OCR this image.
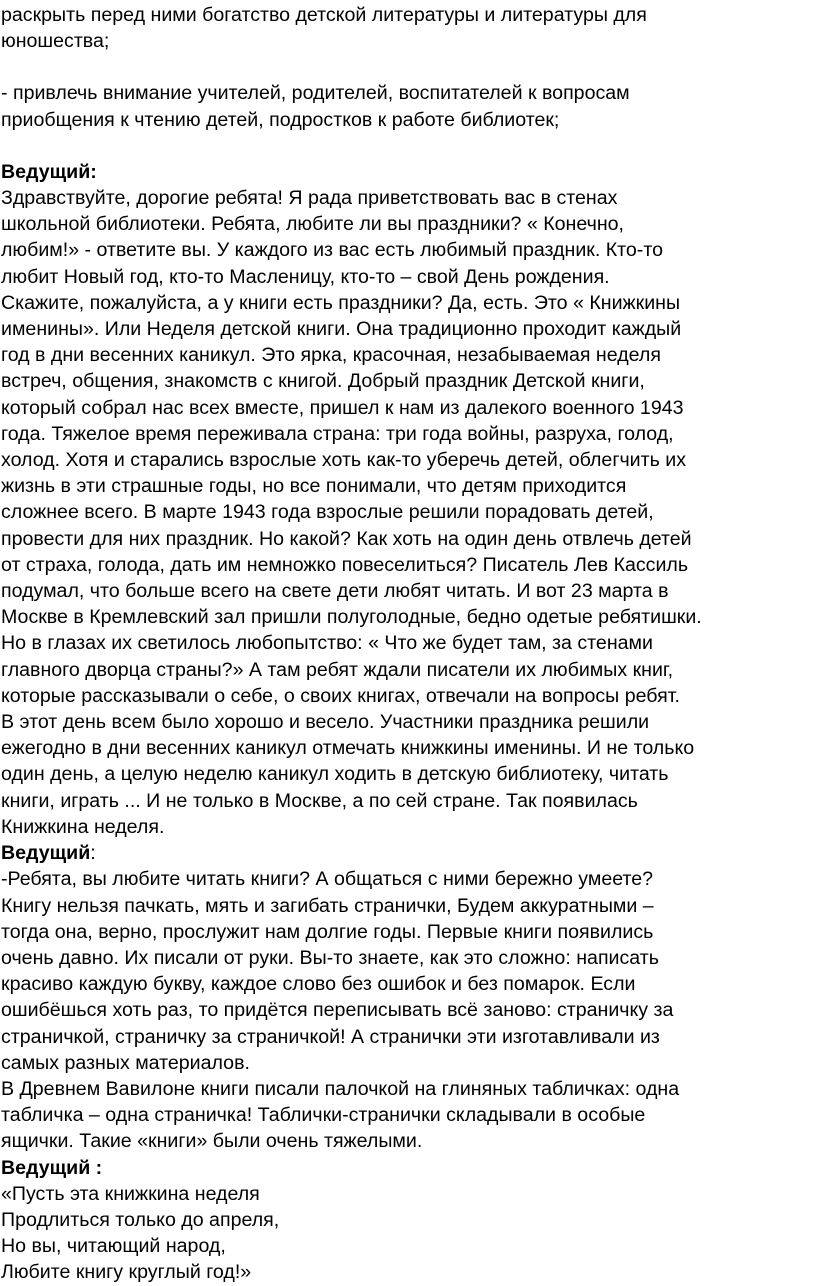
раскрыть перед ними богатство детской литературы и литературы для
юношества;

- привлечь внимание учителей, родителей, воспитателей к вопросам
приобщения к чтению детей, подростков к работе библиотек;

Ведущий:

Здравствуйте, дорогие ребята! Я рада приветствовать вас в стенах
школьной библиотеки. Ребята, любите ли вы праздники? « Конечно,
любим!» - ответите вы. У каждого из вас есть любимый праздник. Кто-то
любит Новый год, кто-то Масленицу, кто-то – свой День рождения.
Скажите, пожалуйста, а у книги есть праздники? Да, есть. Это « Книжкины
именины». Или Неделя детской книги. Она традиционно проходит каждый
год в дни весенних каникул. Это ярка, красочная, незабываемая неделя
встреч, общения, знакомств с книгой. Добрый праздник Детской книги,
который собрал нас всех вместе, пришел к нам из далекого военного 1943
года. Тяжелое время переживала страна: три года войны, разруха, голод,
холод. Хотя и старались взрослые хоть как-то уберечь детей, облегчить их
жизнь в эти страшные годы, но все понимали, что детям приходится
сложнее всего. В марте 1943 года взрослые решили порадовать детей,
провести для них праздник. Но какой? Как хоть на один день отвлечь детей
от страха, голода, дать им немножко повеселиться? Писатель Лев Кассиль
подумал, что больше всего на свете дети любят читать. И вот 23 марта в
Москве в Кремлевский зал пришли полуголодные, бедно одетые ребятишки.
Но в глазах их светилось любопытство: « Что же будет там, за стенами
главного дворца страны?» А там ребят ждали писатели их любимых книг,
которые рассказывали о себе, о своих книгах, отвечали на вопросы ребят.
В этот день всем было хорошо и весело. Участники праздника решили
ежегодно в дни весенних каникул отмечать книжкины именины. И не только
один день, а целую неделю каникул ходить в детскую библиотеку, читать
книги, играть ... И не только в Москве, а по сей стране. Так появилась
Книжкина неделя.

Ведущий:

-Ребята, вы любите читать книги? А общаться с ними бережно умеете?
Книгу нельзя пачкать, мять и загибать странички, Будем аккуратными –
тогда она, верно, прослужит нам долгие годы. Первые книги появились
очень давно. Их писали от руки. Вы-то знаете, как это сложно: написать
красиво каждую букву, каждое слово без ошибок и без помарок. Если
ошибёшься хоть раз, то придётся переписывать всё заново: страничку за
страничкой, страничку за страничкой! А странички эти изготавливали из
самых разных материалов.

В Древнем Вавилоне книги писали палочкой на глиняных табличках: одна
табличка – одна страничка! Таблички-странички складывали в особые
ящички. Такие «книги» были очень тяжелыми.

Ведущий :

«Пусть эта книжкина неделя
Продлиться только до апреля,
Но вы, читающий народ,
Любите книгу круглый год!»
